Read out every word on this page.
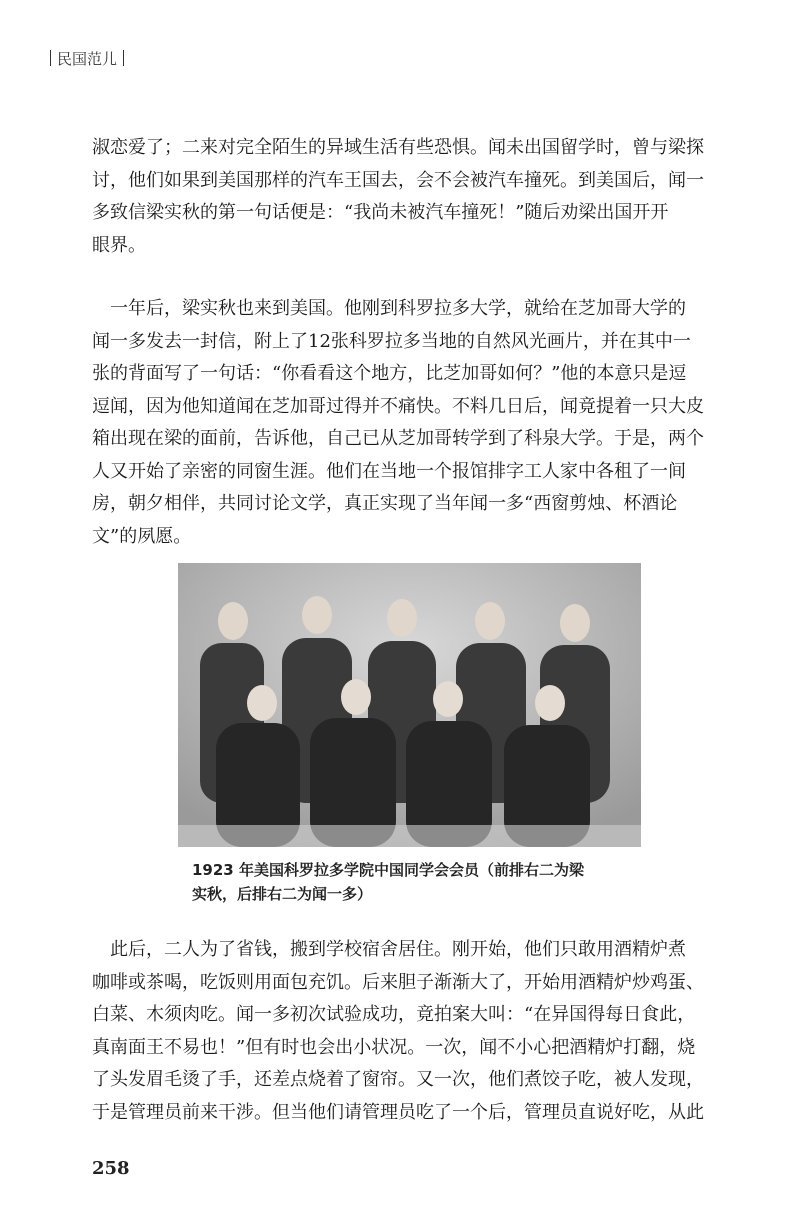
民国范儿
淑恋爱了；二来对完全陌生的异域生活有些恐惧。闻未出国留学时，曾与梁探
讨，他们如果到美国那样的汽车王国去，会不会被汽车撞死。到美国后，闻一
多致信梁实秋的第一句话便是：“我尚未被汽车撞死！”随后劝梁出国开开
眼界。
　一年后，梁实秋也来到美国。他刚到科罗拉多大学，就给在芝加哥大学的
闻一多发去一封信，附上了12张科罗拉多当地的自然风光画片，并在其中一
张的背面写了一句话：“你看看这个地方，比芝加哥如何？”他的本意只是逗
逗闻，因为他知道闻在芝加哥过得并不痛快。不料几日后，闻竟提着一只大皮
箱出现在梁的面前，告诉他，自己已从芝加哥转学到了科泉大学。于是，两个
人又开始了亲密的同窗生涯。他们在当地一个报馆排字工人家中各租了一间
房，朝夕相伴，共同讨论文学，真正实现了当年闻一多“西窗剪烛、杯酒论
文”的夙愿。
1923 年美国科罗拉多学院中国同学会会员（前排右二为梁
实秋，后排右二为闻一多）
　此后，二人为了省钱，搬到学校宿舍居住。刚开始，他们只敢用酒精炉煮
咖啡或茶喝，吃饭则用面包充饥。后来胆子渐渐大了，开始用酒精炉炒鸡蛋、
白菜、木须肉吃。闻一多初次试验成功，竟拍案大叫：“在异国得每日食此，
真南面王不易也！”但有时也会出小状况。一次，闻不小心把酒精炉打翻，烧
了头发眉毛烫了手，还差点烧着了窗帘。又一次，他们煮饺子吃，被人发现，
于是管理员前来干涉。但当他们请管理员吃了一个后，管理员直说好吃，从此
258
